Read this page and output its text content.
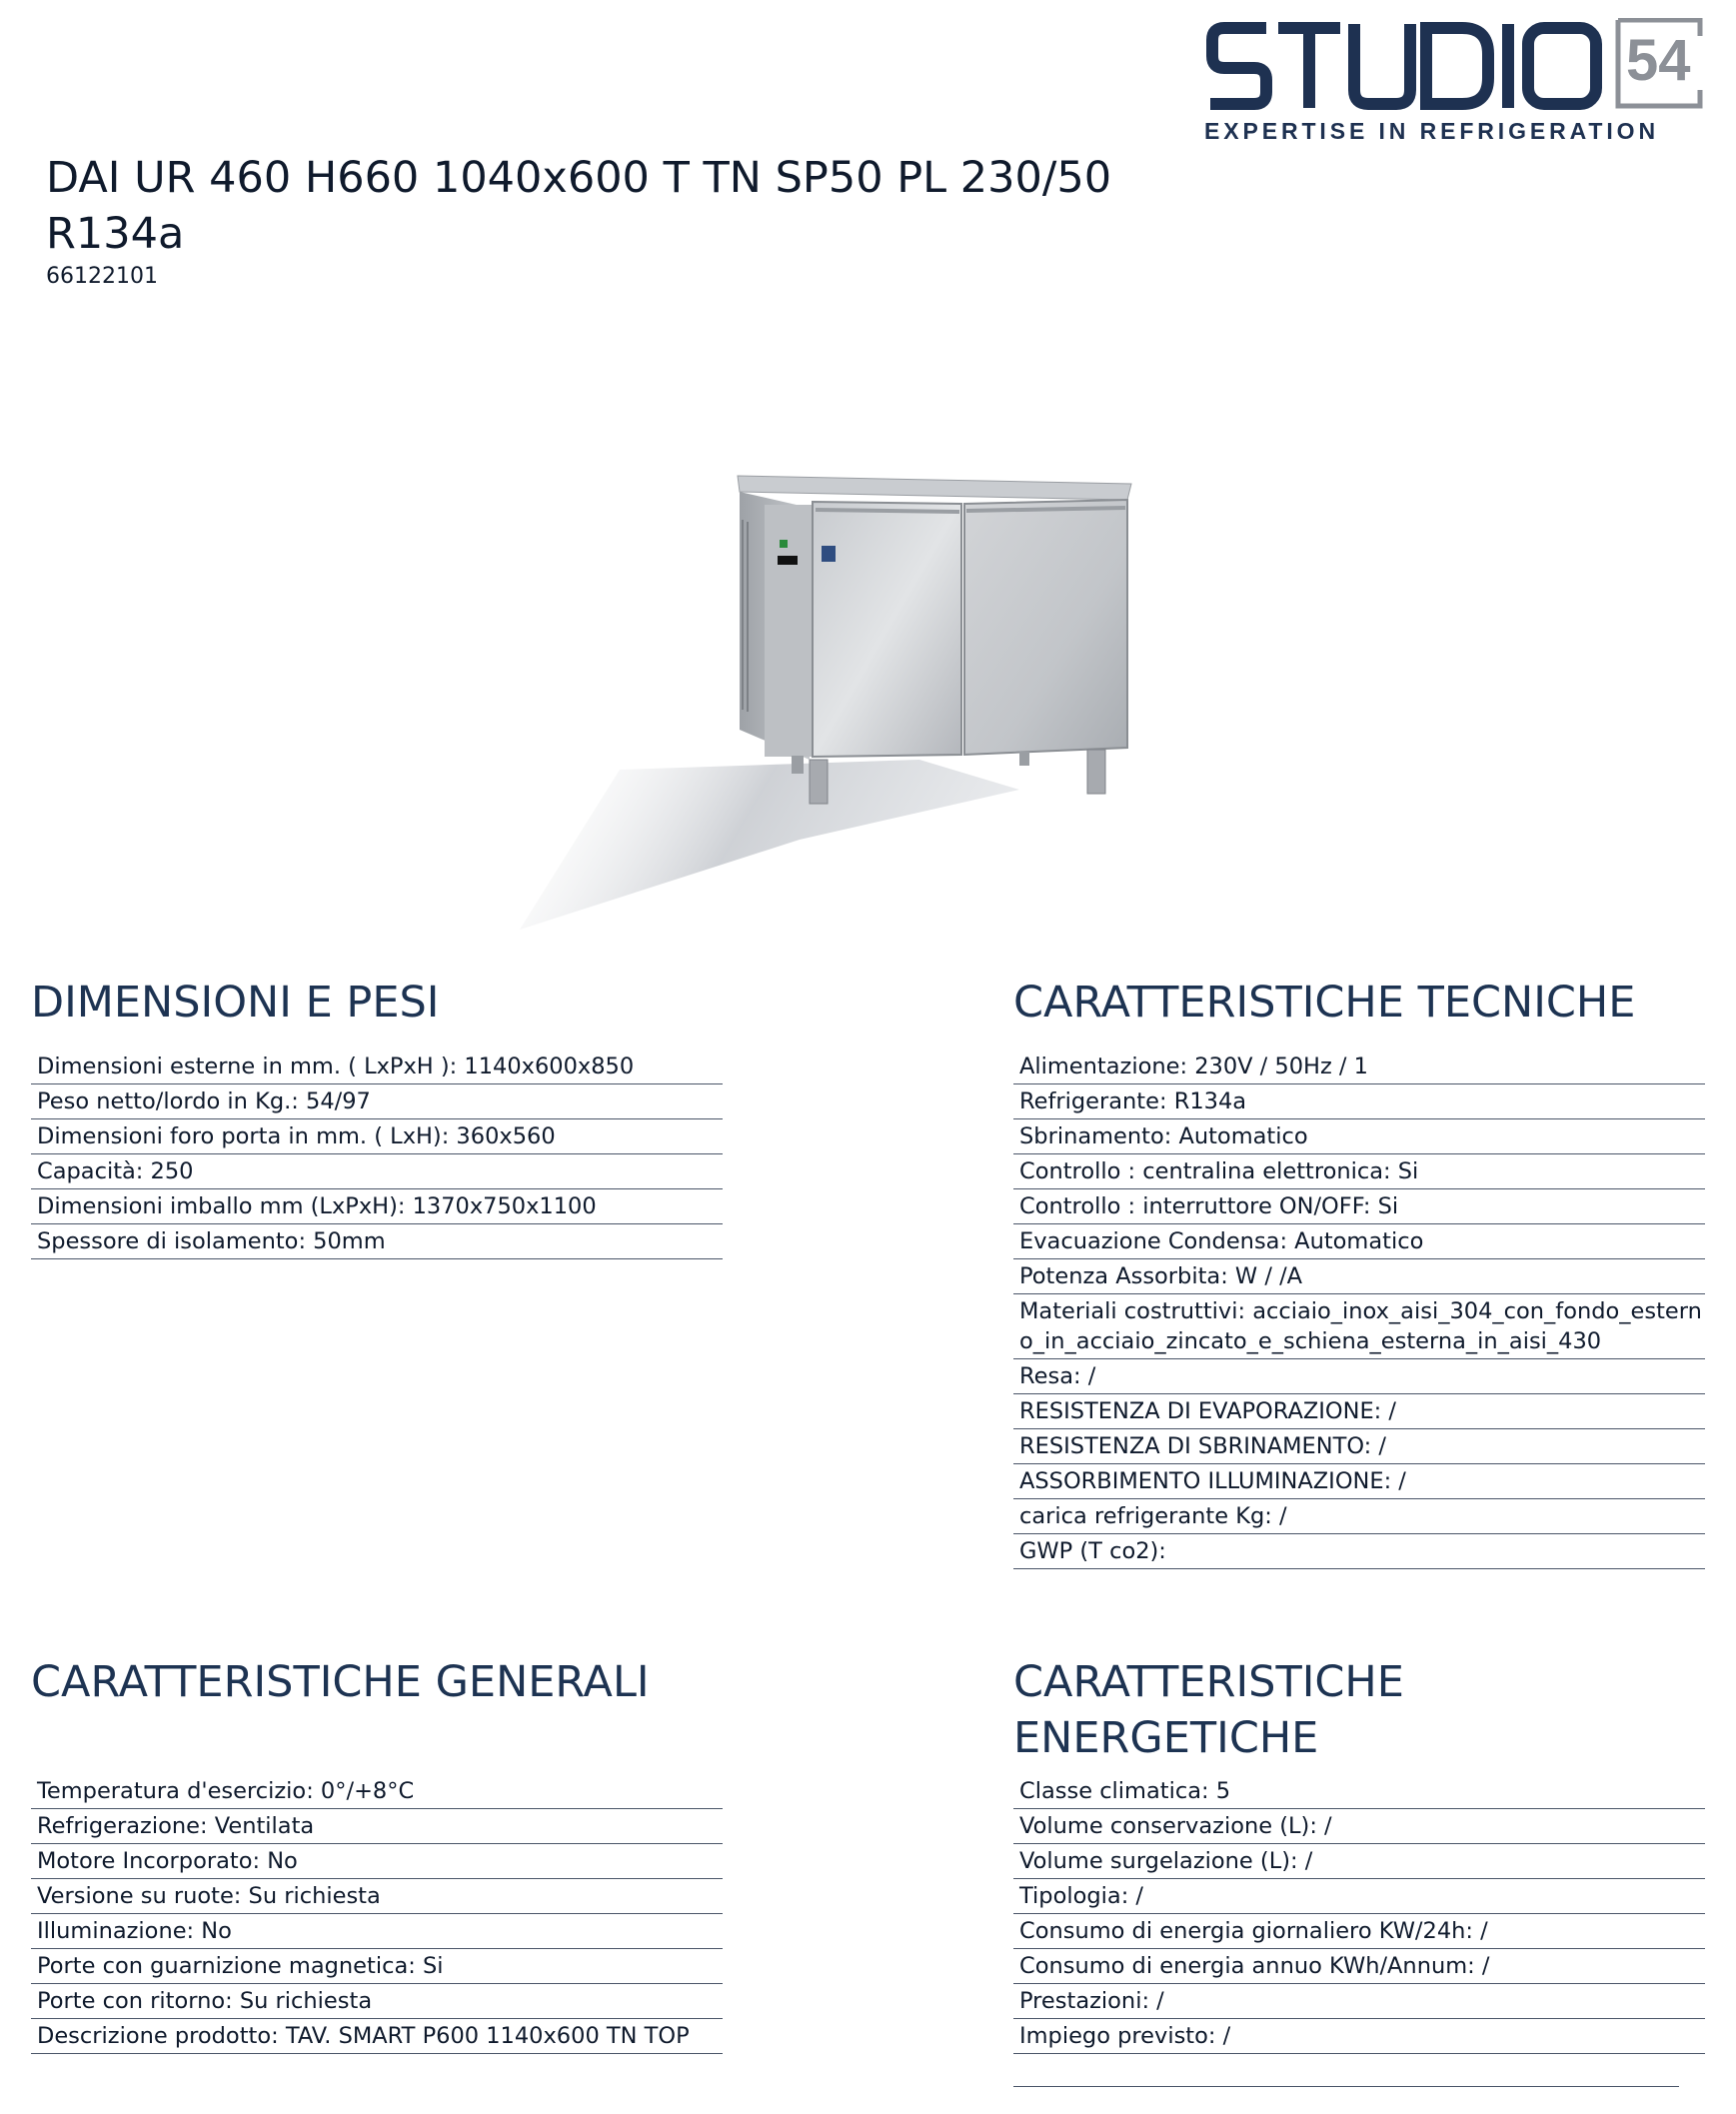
54
EXPERTISE IN REFRIGERATION
DAI UR 460 H660 1040x600 T TN SP50 PL 230/50 R134a
66122101
DIMENSIONI E PESI
Dimensioni esterne in mm. ( LxPxH ): 1140x600x850
Peso netto/lordo in Kg.: 54/97
Dimensioni foro porta in mm. ( LxH): 360x560
Capacità: 250
Dimensioni imballo mm (LxPxH): 1370x750x1100
Spessore di isolamento: 50mm
CARATTERISTICHE TECNICHE
Alimentazione: 230V / 50Hz / 1
Refrigerante: R134a
Sbrinamento: Automatico
Controllo : centralina elettronica: Si
Controllo : interruttore ON/OFF: Si
Evacuazione Condensa: Automatico
Potenza Assorbita: W / /A
Materiali costruttivi: acciaio_inox_aisi_304_con_fondo_esterno_in_acciaio_zincato_e_schiena_esterna_in_aisi_430
Resa: /
RESISTENZA DI EVAPORAZIONE: /
RESISTENZA DI SBRINAMENTO: /
ASSORBIMENTO ILLUMINAZIONE: /
carica refrigerante Kg: /
GWP (T co2):
CARATTERISTICHE GENERALI
Temperatura d'esercizio: 0°/+8°C
Refrigerazione: Ventilata
Motore Incorporato: No
Versione su ruote: Su richiesta
Illuminazione: No
Porte con guarnizione magnetica: Si
Porte con ritorno: Su richiesta
Descrizione prodotto: TAV. SMART P600 1140x600 TN TOP
CARATTERISTICHE ENERGETICHE
Classe climatica: 5
Volume conservazione (L): /
Volume surgelazione (L): /
Tipologia: /
Consumo di energia giornaliero KW/24h: /
Consumo di energia annuo KWh/Annum: /
Prestazioni: /
Impiego previsto: /
